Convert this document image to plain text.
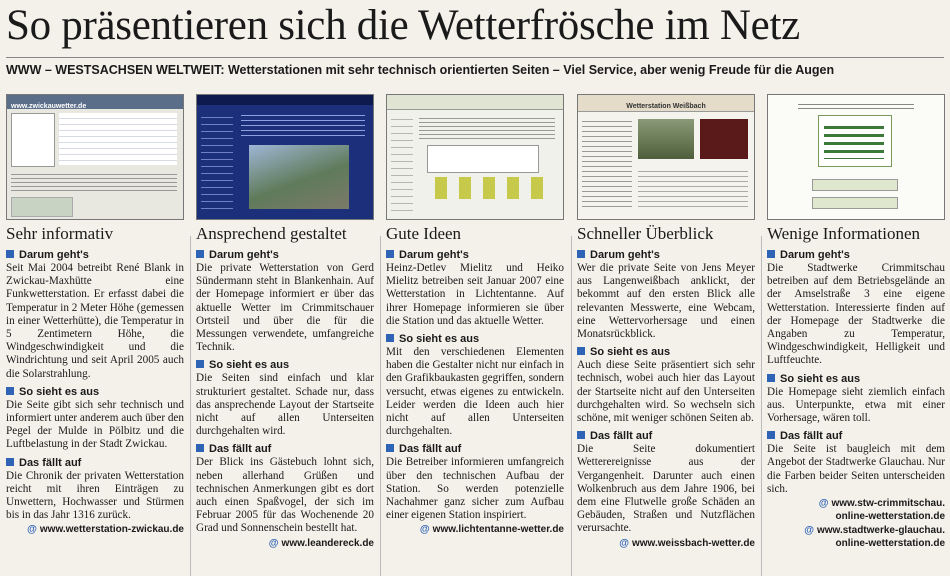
So präsentieren sich die Wetterfrösche im Netz
WWW – WESTSACHSEN WELTWEIT: Wetterstationen mit sehr technisch orientierten Seiten – Viel Service, aber wenig Freude für die Augen
www.zwickauwetter.de
Sehr informativ
Darum geht's
Seit Mai 2004 betreibt René Blank in Zwickau-Maxhütte eine Funkwetterstation. Er erfasst dabei die Temperatur in 2 Meter Höhe (gemessen in einer Wetterhütte), die Temperatur in 5 Zentimetern Höhe, die Windgeschwindigkeit und die Windrichtung und seit April 2005 auch die Solarstrahlung.
So sieht es aus
Die Seite gibt sich sehr technisch und informiert unter anderem auch über den Pegel der Mulde in Pölbitz und die Luftbelastung in der Stadt Zwickau.
Das fällt auf
Die Chronik der privaten Wetterstation reicht mit ihren Einträgen zu Unwettern, Hochwasser und Stürmen bis in das Jahr 1316 zurück.
@ www.wetterstation-zwickau.de
Ansprechend gestaltet
Darum geht's
Die private Wetterstation von Gerd Sündermann steht in Blankenhain. Auf der Homepage informiert er über das aktuelle Wetter im Crimmitschauer Ortsteil und über die für die Messungen verwendete, umfangreiche Technik.
So sieht es aus
Die Seiten sind einfach und klar strukturiert gestaltet. Schade nur, dass das ansprechende Layout der Startseite nicht auf allen Unterseiten durchgehalten wird.
Das fällt auf
Der Blick ins Gästebuch lohnt sich, neben allerhand Grüßen und technischen Anmerkungen gibt es dort auch einen Spaßvogel, der sich im Februar 2005 für das Wochenende 20 Grad und Sonnenschein bestellt hat.
@ www.leandereck.de
Gute Ideen
Darum geht's
Heinz-Detlev Mielitz und Heiko Mielitz betreiben seit Januar 2007 eine Wetterstation in Lichtentanne. Auf ihrer Homepage informieren sie über die Station und das aktuelle Wetter.
So sieht es aus
Mit den verschiedenen Elementen haben die Gestalter nicht nur einfach in den Grafikbaukasten gegriffen, sondern versucht, etwas eigenes zu entwickeln. Leider werden die Ideen auch hier nicht auf allen Unterseiten durchgehalten.
Das fällt auf
Die Betreiber informieren umfangreich über den technischen Aufbau der Station. So werden potenzielle Nachahmer ganz sicher zum Aufbau einer eigenen Station inspiriert.
@ www.lichtentanne-wetter.de
Wetterstation Weißbach
Schneller Überblick
Darum geht's
Wer die private Seite von Jens Meyer aus Langenweißbach anklickt, der bekommt auf den ersten Blick alle relevanten Messwerte, eine Webcam, eine Wettervorhersage und einen Monatsrückblick.
So sieht es aus
Auch diese Seite präsentiert sich sehr technisch, wobei auch hier das Layout der Startseite nicht auf den Unterseiten durchgehalten wird. So wechseln sich schöne, mit weniger schönen Seiten ab.
Das fällt auf
Die Seite dokumentiert Wetterereignisse aus der Vergangenheit. Darunter auch einen Wolkenbruch aus dem Jahre 1906, bei dem eine Flutwelle große Schäden an Gebäuden, Straßen und Nutzflächen verursachte.
@ www.weissbach-wetter.de
Wenige Informationen
Darum geht's
Die Stadtwerke Crimmitschau betreiben auf dem Betriebsgelände an der Amselstraße 3 eine eigene Wetterstation. Interessierte finden auf der Homepage der Stadtwerke die Angaben zu Temperatur, Windgeschwindigkeit, Helligkeit und Luftfeuchte.
So sieht es aus
Die Homepage sieht ziemlich einfach aus. Unterpunkte, etwa mit einer Vorhersage, wären toll.
Das fällt auf
Die Seite ist baugleich mit dem Angebot der Stadtwerke Glauchau. Nur die Farben beider Seiten unterscheiden sich.
@ www.stw-crimmitschau.
online-wetterstation.de
@ www.stadtwerke-glauchau.
online-wetterstation.de
